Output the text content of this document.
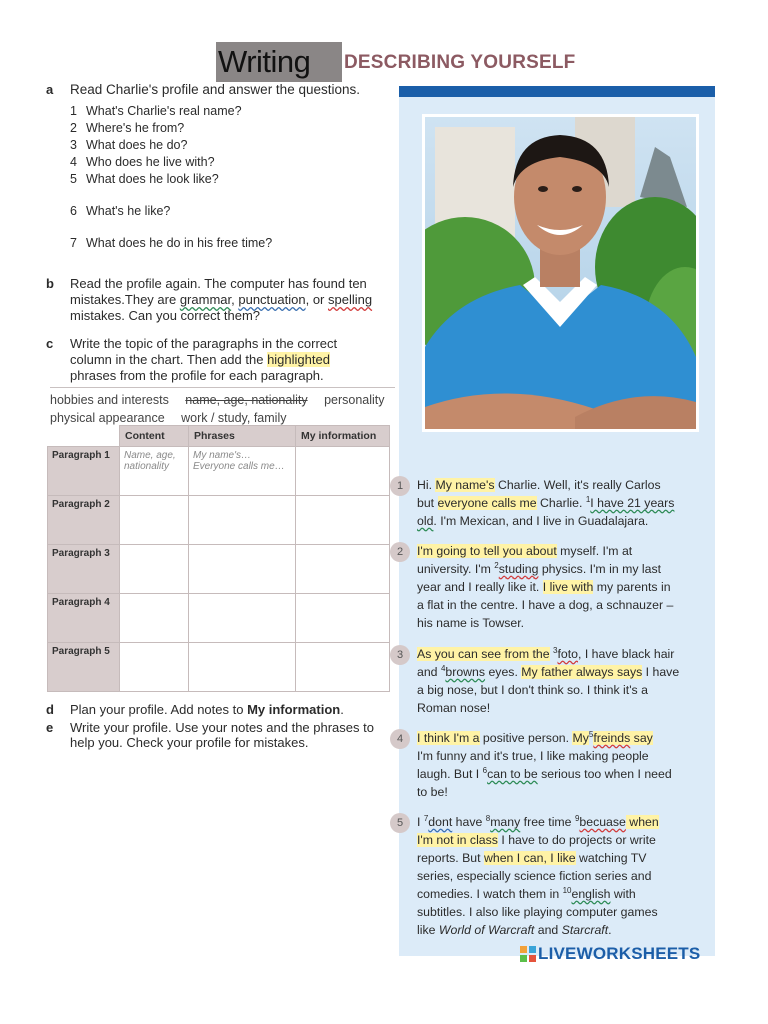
Writing	DESCRIBING YOURSELF
a Read Charlie's profile and answer the questions.
1 What's Charlie's real name?
2 Where's he from?
3 What does he do?
4 Who does he live with?
5 What does he look like?
6 What's he like?
7 What does he do in his free time?
b Read the profile again. The computer has found ten
mistakes.They are grammar, punctuation, or spelling
mistakes. Can you correct them?
c Write the topic of the paragraphs in the correct
column in the chart. Then add the highlighted
phrases from the profile for each paragraph.
hobbies and interests name, age, nationality personality
physical appearance work / study, family
	Content	Phrases	My information
Paragraph 1	Name, age, nationality	My name's… Everyone calls me…	
Paragraph 2			
Paragraph 3			
Paragraph 4			
Paragraph 5			
d Plan your profile. Add notes to My information.
e Write your profile. Use your notes and the phrases to
help you. Check your profile for mistakes.
1	Hi. My name's Charlie. Well, it's really Carlos
but everyone calls me Charlie. $^1$I have 21 years
old. I'm Mexican, and I live in Guadalajara.
2	I'm going to tell you about myself. I'm at
university. I'm $^2$studing physics. I'm in my last
year and I really like it. I live with my parents in
a flat in the centre. I have a dog, a schnauzer –
his name is Towser.
3	As you can see from the $^3$foto, I have black hair
and $^4$browns eyes. My father always says I have
a big nose, but I don't think so. I think it's a
Roman nose!
4	I think I'm a positive person. My$^5$freinds say
I'm funny and it's true, I like making people
laugh. But I $^6$can to be serious too when I need
to be!
5	I $^7$dont have $^8$many free time $^9$becuase when
I'm not in class I have to do projects or write
reports. But when I can, I like watching TV
series, especially science fiction series and
comedies. I watch them in $^{10}$english with
subtitles. I also like playing computer games
like World of Warcraft and Starcraft.
LIVEWORKSHEETS
